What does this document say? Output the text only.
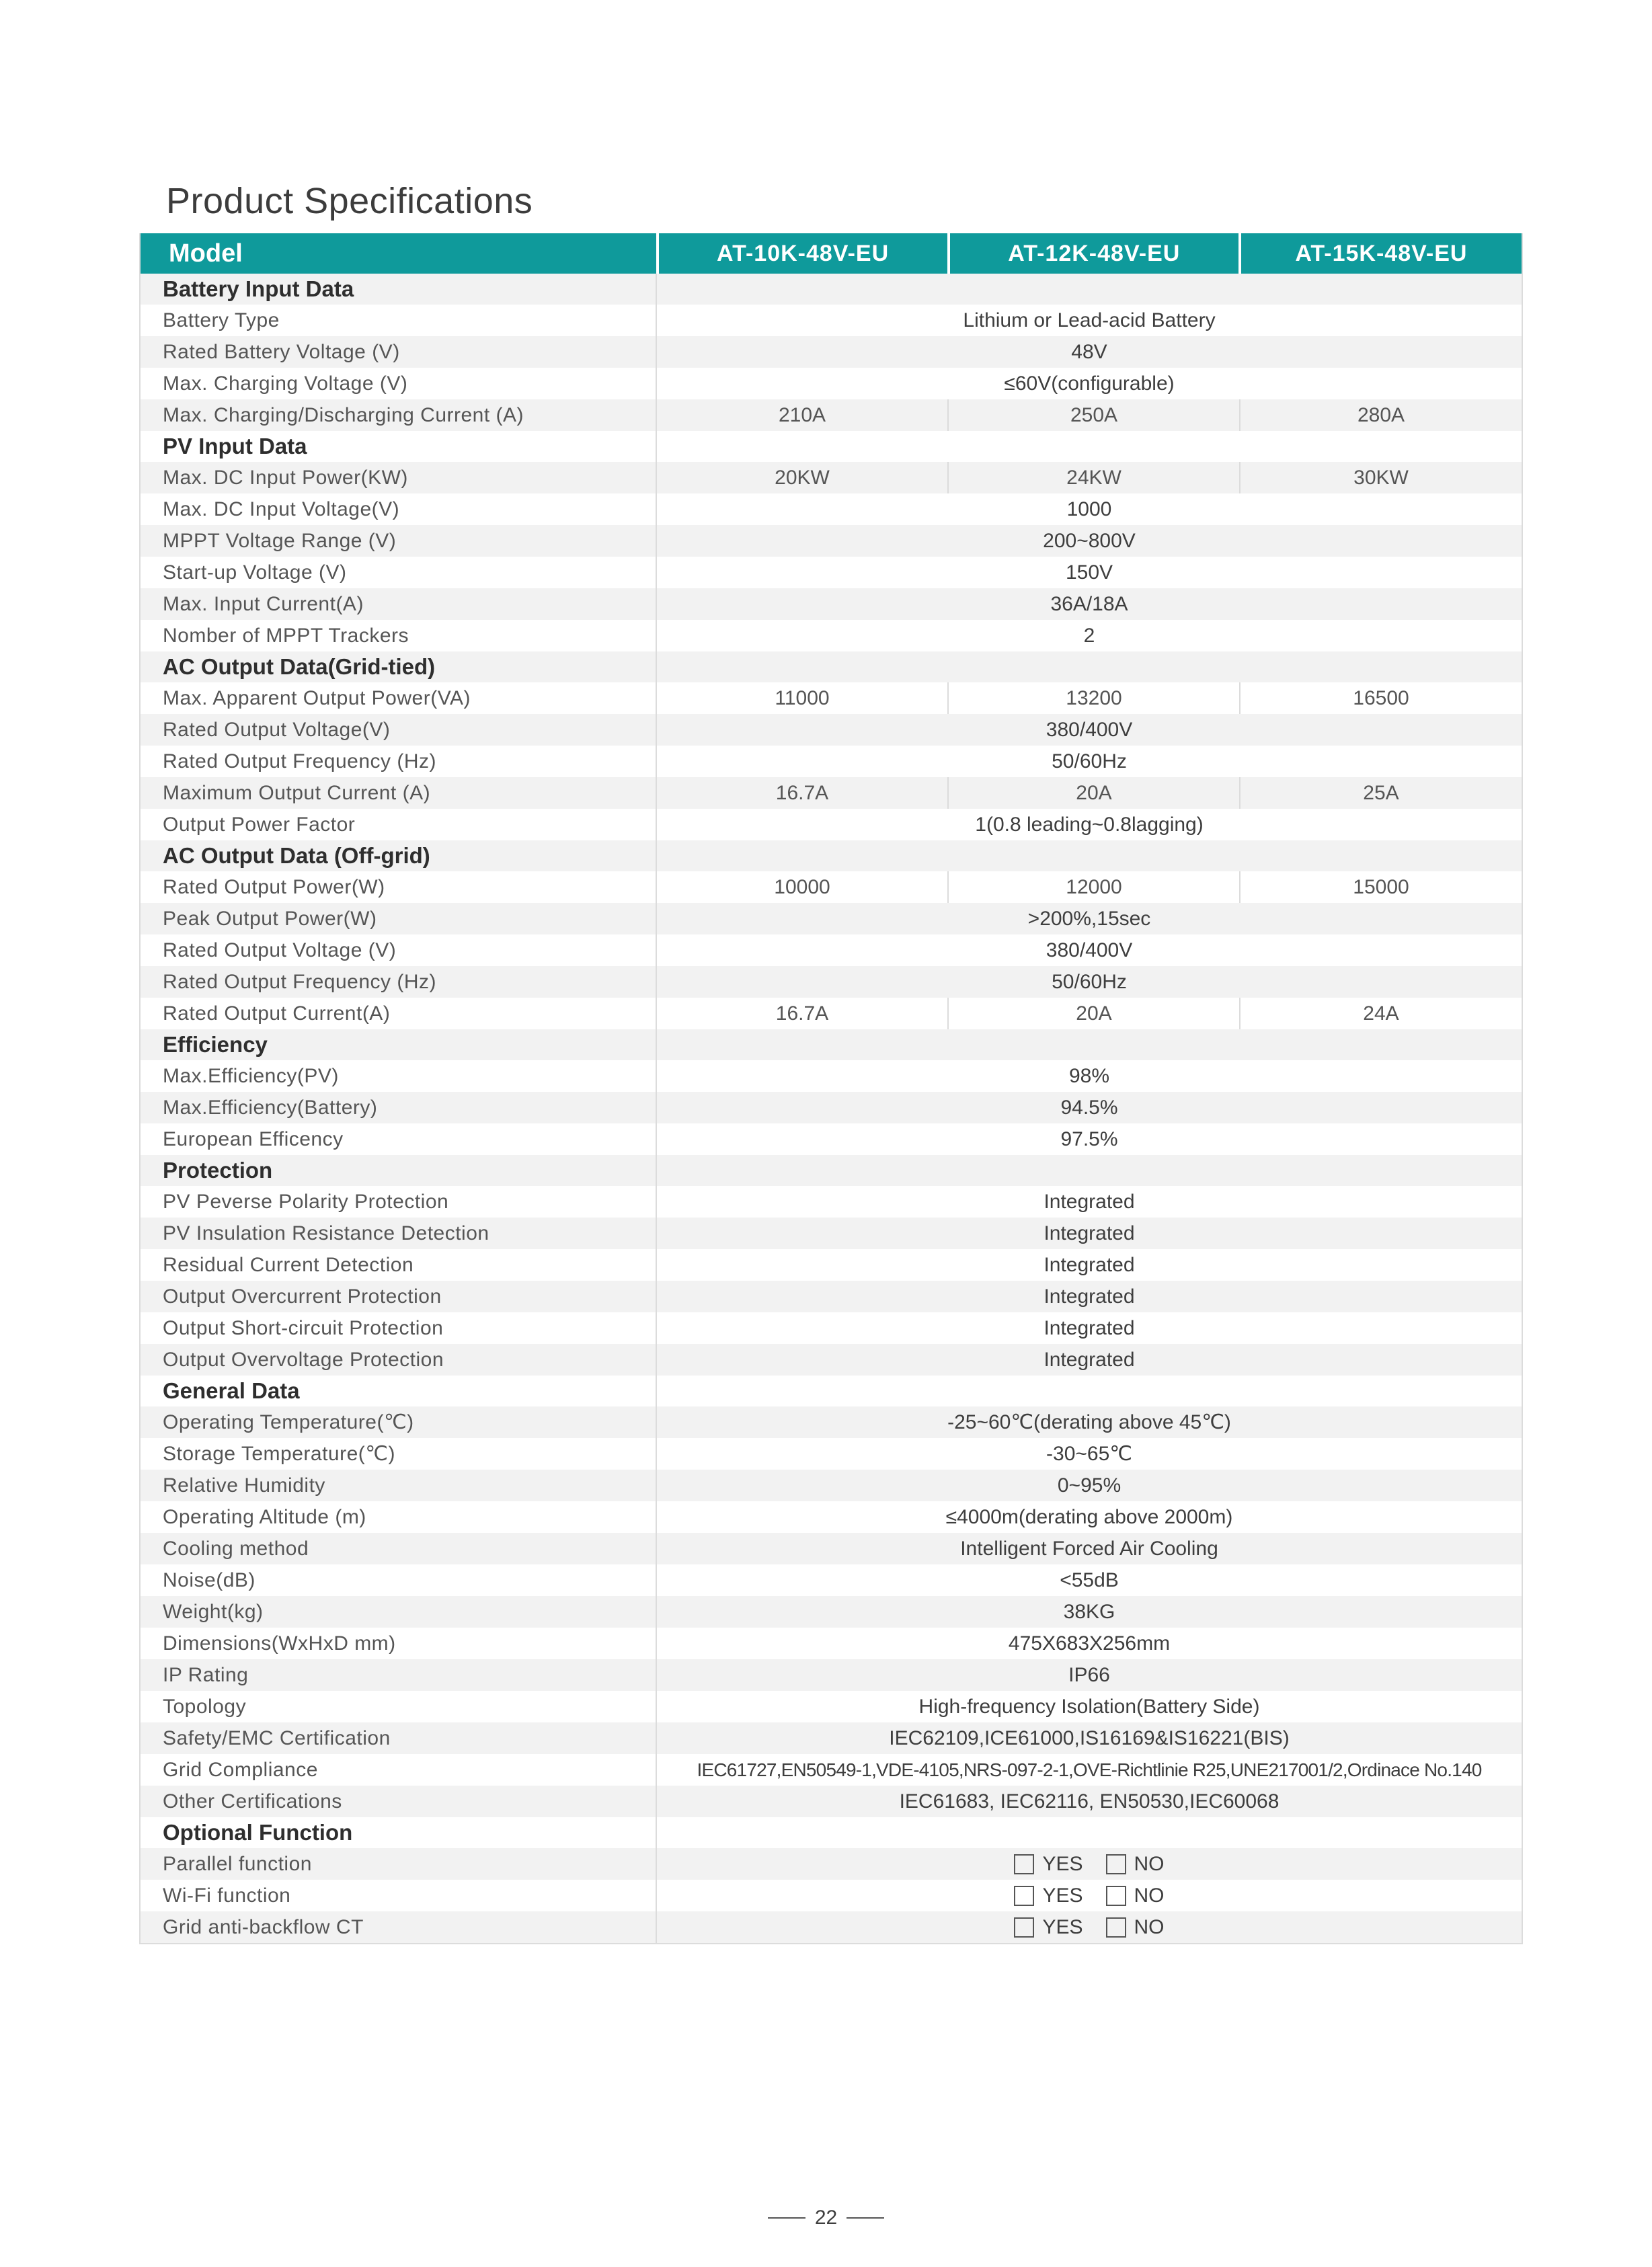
Product Specifications
Model	AT-10K-48V-EU	AT-12K-48V-EU	AT-15K-48V-EU
Battery Input Data
Battery Type	Lithium or Lead-acid Battery
Rated Battery Voltage (V)	48V
Max. Charging Voltage (V)	≤60V(configurable)
Max. Charging/Discharging Current (A)	210A	250A	280A
PV Input Data
Max. DC Input Power(KW)	20KW	24KW	30KW
Max. DC Input Voltage(V)	1000
MPPT Voltage Range (V)	200~800V
Start-up Voltage (V)	150V
Max. Input Current(A)	36A/18A
Nomber of MPPT Trackers	2
AC Output Data(Grid-tied)
Max. Apparent Output Power(VA)	11000	13200	16500
Rated Output Voltage(V)	380/400V
Rated Output Frequency (Hz)	50/60Hz
Maximum Output Current (A)	16.7A	20A	25A
Output Power Factor	1(0.8 leading~0.8lagging)
AC Output Data (Off-grid)
Rated Output Power(W)	10000	12000	15000
Peak Output Power(W)	>200%,15sec
Rated Output Voltage (V)	380/400V
Rated Output Frequency (Hz)	50/60Hz
Rated Output Current(A)	16.7A	20A	24A
Efficiency
Max.Efficiency(PV)	98%
Max.Efficiency(Battery)	94.5%
European Efficency	97.5%
Protection
PV Peverse Polarity Protection	Integrated
PV Insulation Resistance Detection	Integrated
Residual Current Detection	Integrated
Output Overcurrent Protection	Integrated
Output Short-circuit Protection	Integrated
Output Overvoltage Protection	Integrated
General Data
Operating Temperature(℃)	-25~60℃(derating above 45℃)
Storage Temperature(℃)	-30~65℃
Relative Humidity	0~95%
Operating Altitude (m)	≤4000m(derating above 2000m)
Cooling method	Intelligent Forced Air Cooling
Noise(dB)	<55dB
Weight(kg)	38KG
Dimensions(WxHxD mm)	475X683X256mm
IP Rating	IP66
Topology	High-frequency Isolation(Battery Side)
Safety/EMC Certification	IEC62109,ICE61000,IS16169&IS16221(BIS)
Grid Compliance	IEC61727,EN50549-1,VDE-4105,NRS-097-2-1,OVE-Richtlinie R25,UNE217001/2,Ordinace No.140
Other Certifications	IEC61683, IEC62116, EN50530,IEC60068
Optional Function
Parallel function	YES	NO
Wi-Fi function	YES	NO
Grid anti-backflow CT	YES	NO
22
